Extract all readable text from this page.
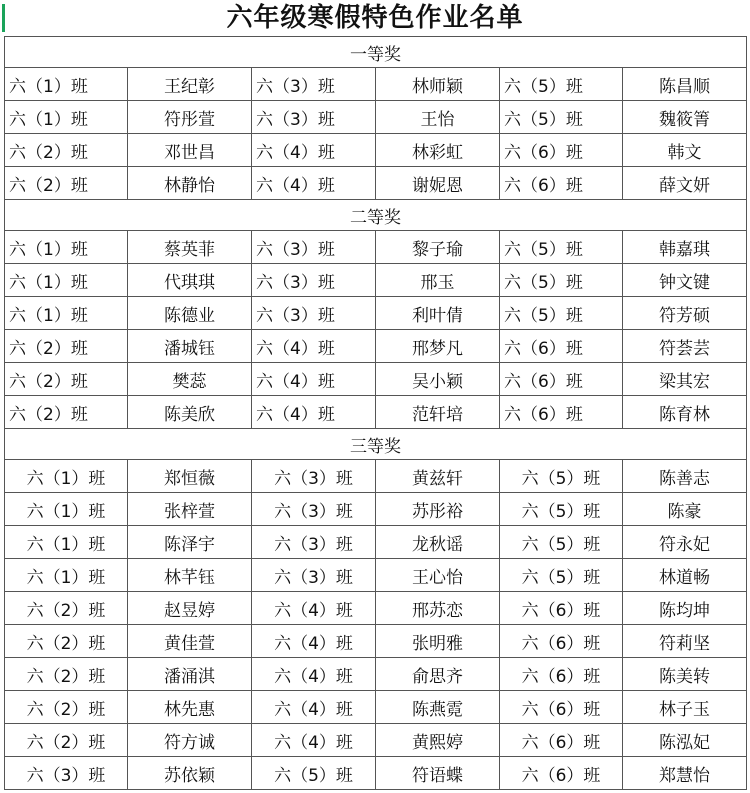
六年级寒假特色作业名单
一等奖					
六（1）班	王纪彰	六（3）班	林师颖	六（5）班	陈昌顺
六（1）班	符彤萱	六（3）班	王怡	六（5）班	魏筱箐
六（2）班	邓世昌	六（4）班	林彩虹	六（6）班	韩文
六（2）班	林静怡	六（4）班	谢妮恩	六（6）班	薛文妍
二等奖					
六（1）班	蔡英菲	六（3）班	黎子瑜	六（5）班	韩嘉琪
六（1）班	代琪琪	六（3）班	邢玉	六（5）班	钟文键
六（1）班	陈德业	六（3）班	利叶倩	六（5）班	符芳硕
六（2）班	潘城钰	六（4）班	邢梦凡	六（6）班	符荟芸
六（2）班	樊蕊	六（4）班	吴小颖	六（6）班	梁其宏
六（2）班	陈美欣	六（4）班	范轩培	六（6）班	陈育林
三等奖					
六（1）班	郑恒薇	六（3）班	黄兹轩	六（5）班	陈善志
六（1）班	张梓萱	六（3）班	苏彤裕	六（5）班	陈豪
六（1）班	陈泽宇	六（3）班	龙秋谣	六（5）班	符永妃
六（1）班	林芊钰	六（3）班	王心怡	六（5）班	林道畅
六（2）班	赵昱婷	六（4）班	邢苏恋	六（6）班	陈均坤
六（2）班	黄佳萱	六（4）班	张明雅	六（6）班	符莉坚
六（2）班	潘涌淇	六（4）班	俞思齐	六（6）班	陈美转
六（2）班	林先惠	六（4）班	陈燕霓	六（6）班	林子玉
六（2）班	符方诚	六（4）班	黄熙婷	六（6）班	陈泓妃
六（3）班	苏依颖	六（5）班	符语蝶	六（6）班	郑慧怡
